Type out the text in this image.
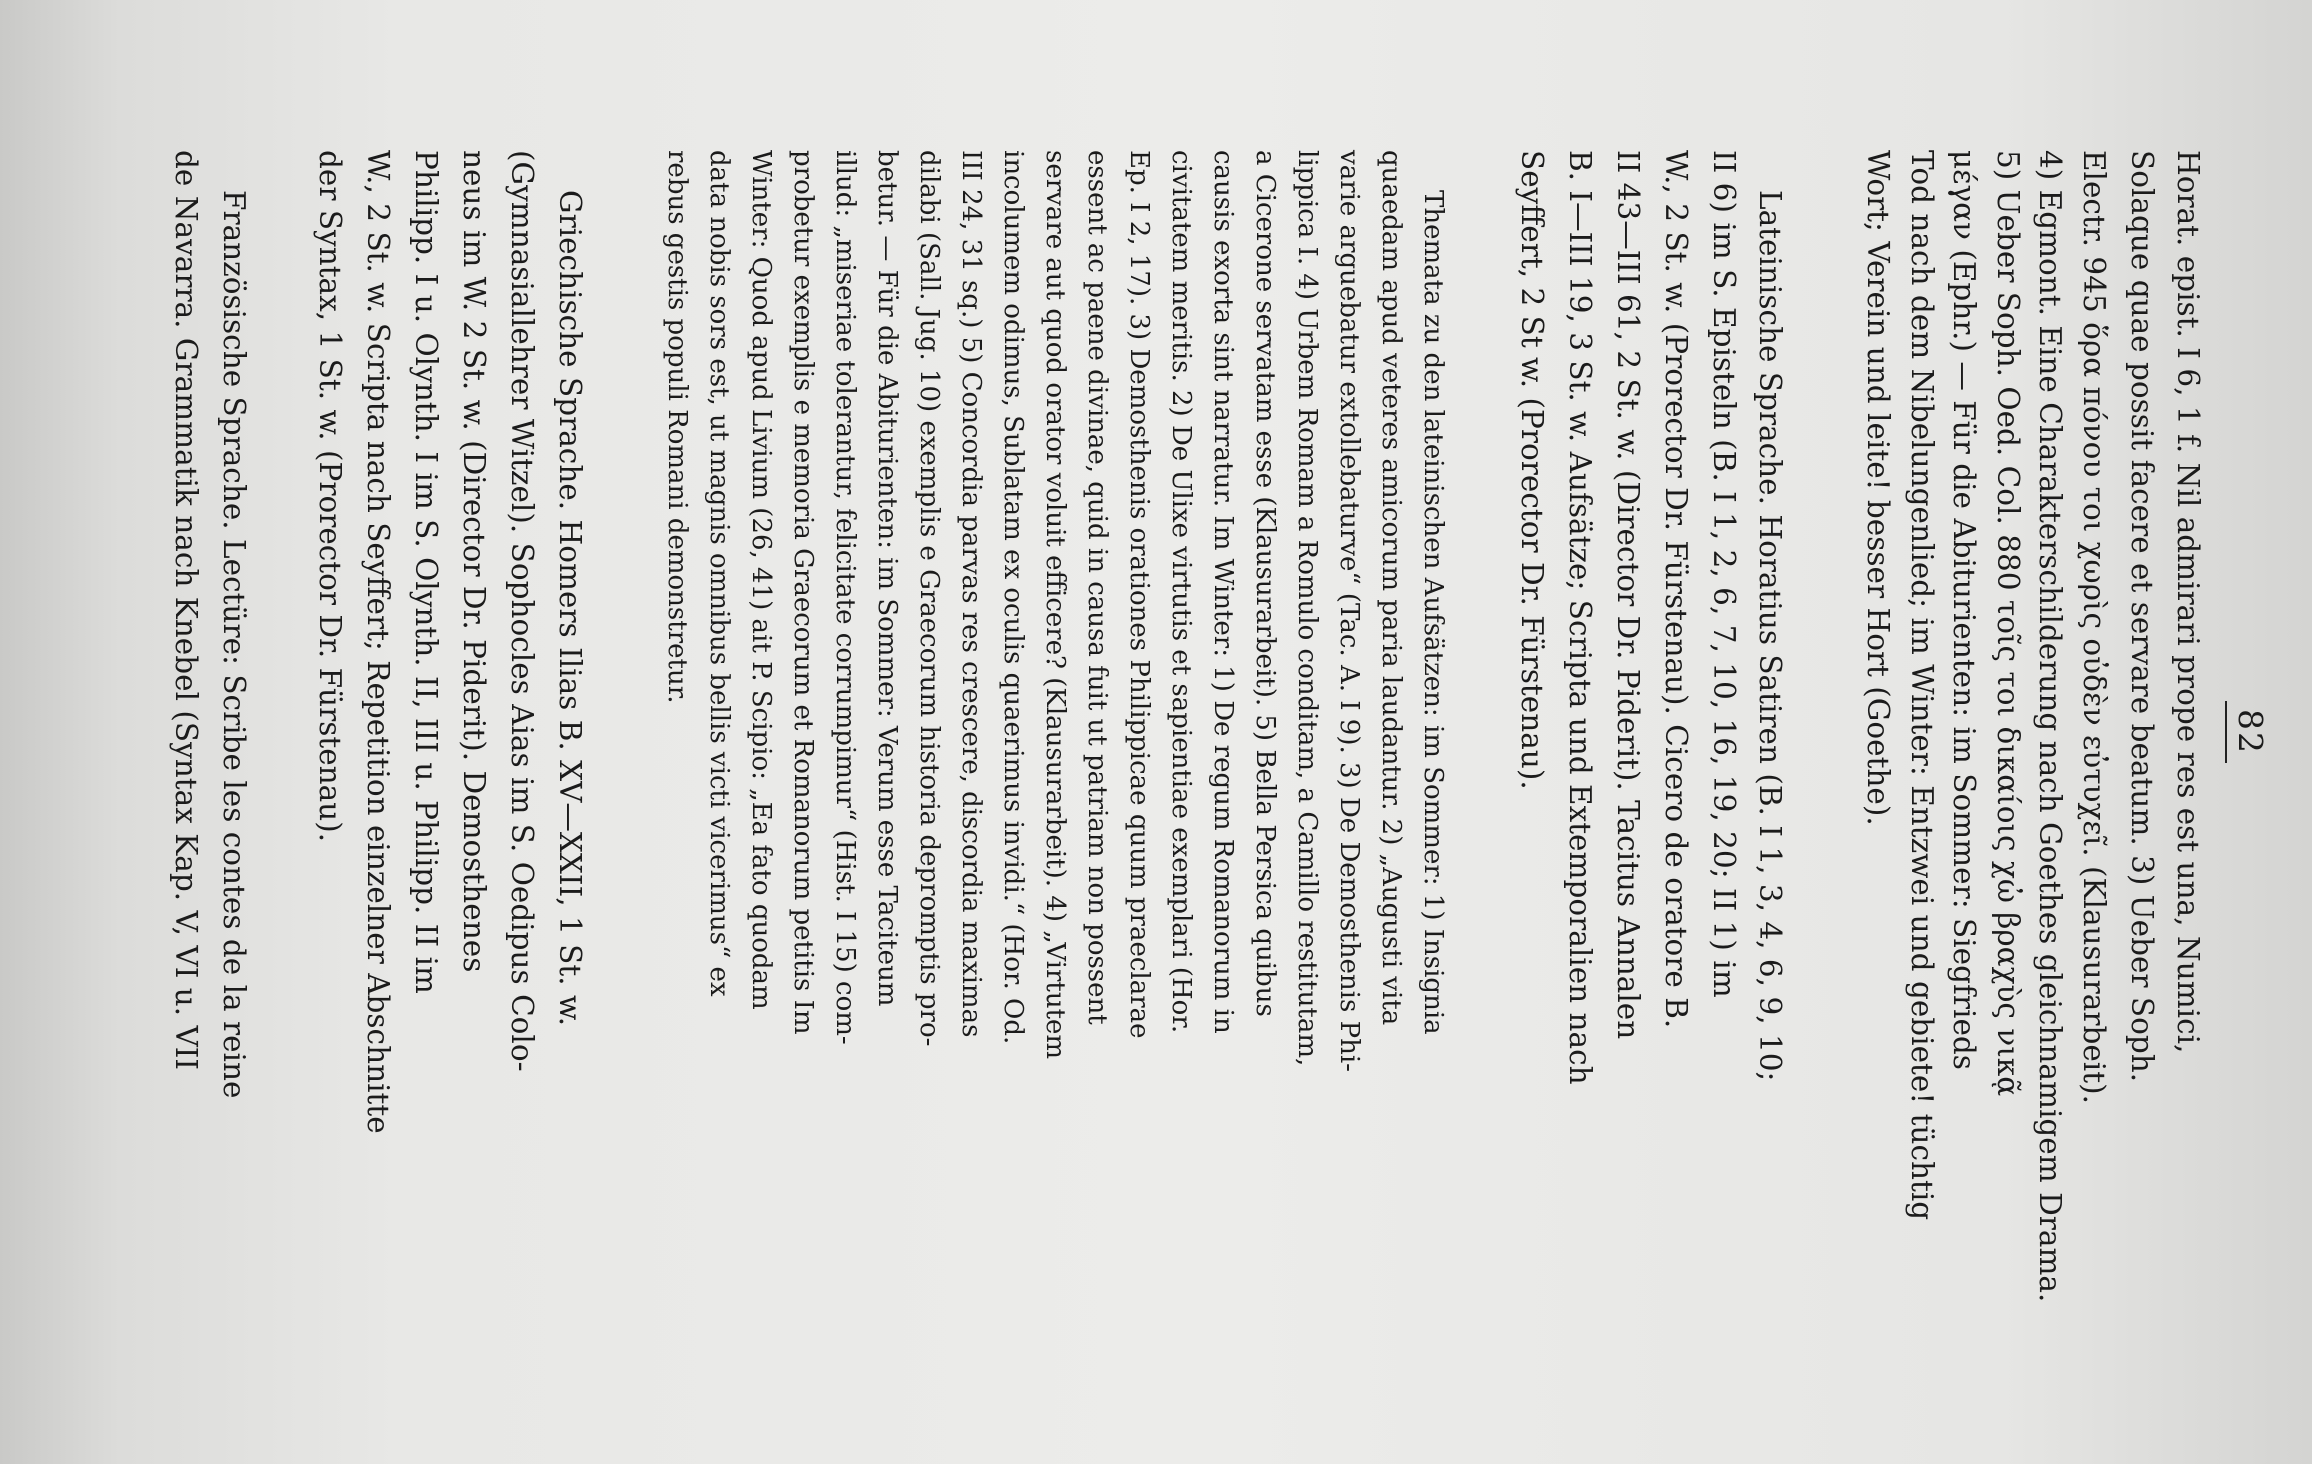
82
Horat. epist. I 6, 1 f. Nil admirari prope res est una, Numici,
Solaque quae possit facere et servare beatum. 3) Ueber Soph.
Electr. 945 ὅρα πόνου τοι χωρὶς οὐδὲν εὐτυχεῖ. (Klausurarbeit).
4) Egmont. Eine Charakterschilderung nach Goethes gleichnamigem Drama.
5) Ueber Soph. Oed. Col. 880 τοῖς τοι δικαίοις χὠ βραχὺς νικᾷ
μέγαν (Ephr.) — Für die Abiturienten: im Sommer: Siegfrieds
Tod nach dem Nibelungenlied; im Winter: Entzwei und gebiete! tüchtig
Wort; Verein und leite! besser Hort (Goethe).
Lateinische Sprache. Horatius Satiren (B. I 1, 3, 4, 6, 9, 10;
II 6) im S. Episteln (B. I 1, 2, 6, 7, 10, 16, 19, 20; II 1) im
W., 2 St. w. (Prorector Dr. Fürstenau). Cicero de oratore B.
II 43—III 61, 2 St. w. (Director Dr. Piderit). Tacitus Annalen
B. I—III 19, 3 St. w. Aufsätze; Scripta und Extemporalien nach
Seyffert, 2 St w. (Prorector Dr. Fürstenau).
Themata zu den lateinischen Aufsätzen: im Sommer: 1) Insignia
quaedam apud veteres amicorum paria laudantur. 2) „Augusti vita
varie arguebatur extollebaturve“ (Tac. A. I 9). 3) De Demosthenis Phi-
lippica I. 4) Urbem Romam a Romulo conditam, a Camillo restitutam,
a Cicerone servatam esse (Klausurarbeit). 5) Bella Persica quibus
causis exorta sint narratur. Im Winter: 1) De regum Romanorum in
civitatem meritis. 2) De Ulixe virtutis et sapientiae exemplari (Hor.
Ep. I 2, 17). 3) Demosthenis orationes Philippicae quum praeclarae
essent ac paene divinae, quid in causa fuit ut patriam non possent
servare aut quod orator voluit efficere? (Klausurarbeit). 4) „Virtutem
incolumem odimus, Sublatam ex oculis quaerimus invidi.“ (Hor. Od.
III 24, 31 sq.) 5) Concordia parvas res crescere, discordia maximas
dilabi (Sall. Jug. 10) exemplis e Graecorum historia depromptis pro-
betur. — Für die Abiturienten: im Sommer: Verum esse Taciteum
illud: „miseriae tolerantur, felicitate corrumpimur“ (Hist. I 15) com-
probetur exemplis e memoria Graecorum et Romanorum petitis Im
Winter: Quod apud Livium (26, 41) ait P. Scipio: „Ea fato quodam
data nobis sors est, ut magnis omnibus bellis victi vicerimus“ ex
rebus gestis populi Romani demonstretur.
Griechische Sprache. Homers Ilias B. XV—XXII, 1 St. w.
(Gymnasiallehrer Witzel). Sophocles Aias im S. Oedipus Colo-
neus im W. 2 St. w. (Director Dr. Piderit). Demosthenes
Philipp. I u. Olynth. I im S. Olynth. II, III u. Philipp. II im
W., 2 St. w. Scripta nach Seyffert; Repetition einzelner Abschnitte
der Syntax, 1 St. w. (Prorector Dr. Fürstenau).
Französische Sprache. Lectüre: Scribe les contes de la reine
de Navarra. Grammatik nach Knebel (Syntax Kap. V, VI u. VII
